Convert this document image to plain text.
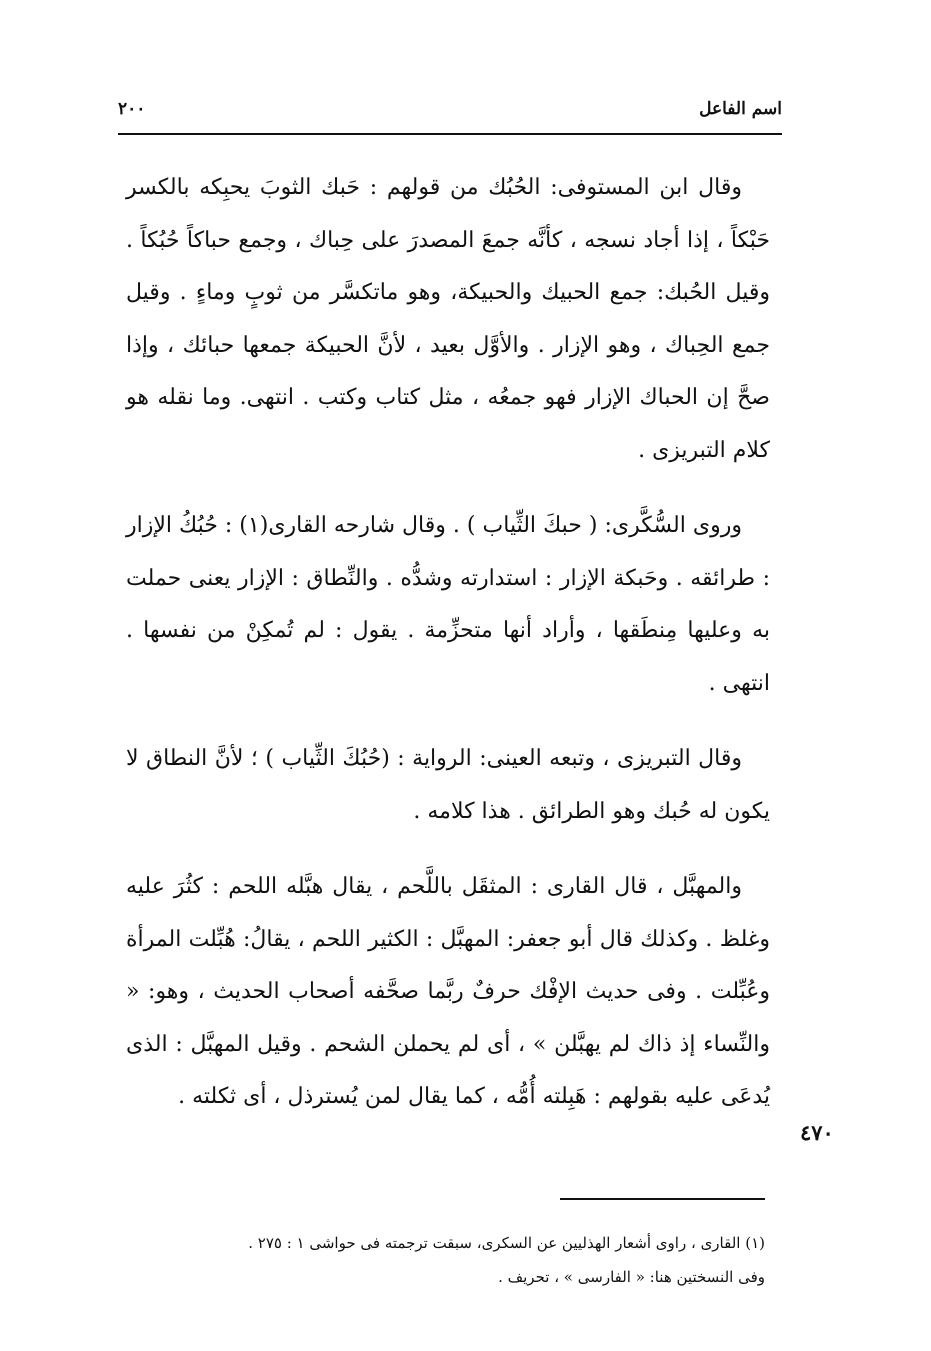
اسم الفاعل
٢٠٠

وقال ابن المستوفى: الحُبُك من قولهم : حَبك الثوبَ يحبِكه بالكسر حَبْكاً ، إذا أجاد نسجه ، كأنَّه جمعَ المصدرَ على حِباك ، وجمع حباكاً حُبُكاً . وقيل الحُبك: جمع الحبيك والحبيكة، وهو ماتكسَّر من ثوبٍ وماءٍ . وقيل جمع الحِباك ، وهو الإزار . والأوَّل بعيد ، لأنَّ الحبيكة جمعها حبائك ، وإذا صحَّ إن الحباك الإزار فهو جمعُه ، مثل كتاب وكتب . انتهى. وما نقله هو كلام التبريزى .

وروى السُّكَّرى: ( حبكَ الثِّياب ) . وقال شارحه القارى(١) : حُبُكُ الإزار : طرائقه . وحَبكة الإزار : استدارته وشدُّه . والنِّطاق : الإزار يعنى حملت به وعليها مِنطَقها ، وأراد أنها متحزِّمة . يقول : لم تُمكِنْ من نفسها . انتهى .

وقال التبريزى ، وتبعه العينى: الرواية : (حُبُكَ الثِّياب ) ؛ لأنَّ النطاق لا يكون له حُبك وهو الطرائق . هذا كلامه .

والمهبَّل ، قال القارى : المثقَل باللَّحم ، يقال هبَّله اللحم : كثُرَ عليه وغلظ . وكذلك قال أبو جعفر: المهبَّل : الكثير اللحم ، يقالُ: هُبِّلت المرأة وعُبِّلت . وفى حديث الإفْك حرفٌ ربَّما صحَّفه أصحاب الحديث ، وهو: « والنِّساء إذ ذاك لم يهبَّلن » ، أى لم يحملن الشحم . وقيل المهبَّل : الذى يُدعَى عليه بقولهم : هَبِلته أُمُّه ، كما يقال لمن يُسترذل ، أى ثكلته .

٤٧٠
(١) القارى ، راوى أشعار الهذليين عن السكرى، سبقت ترجمته فى حواشى ١ : ٢٧٥ .
وفى النسختين هنا: « الفارسى » ، تحريف .
